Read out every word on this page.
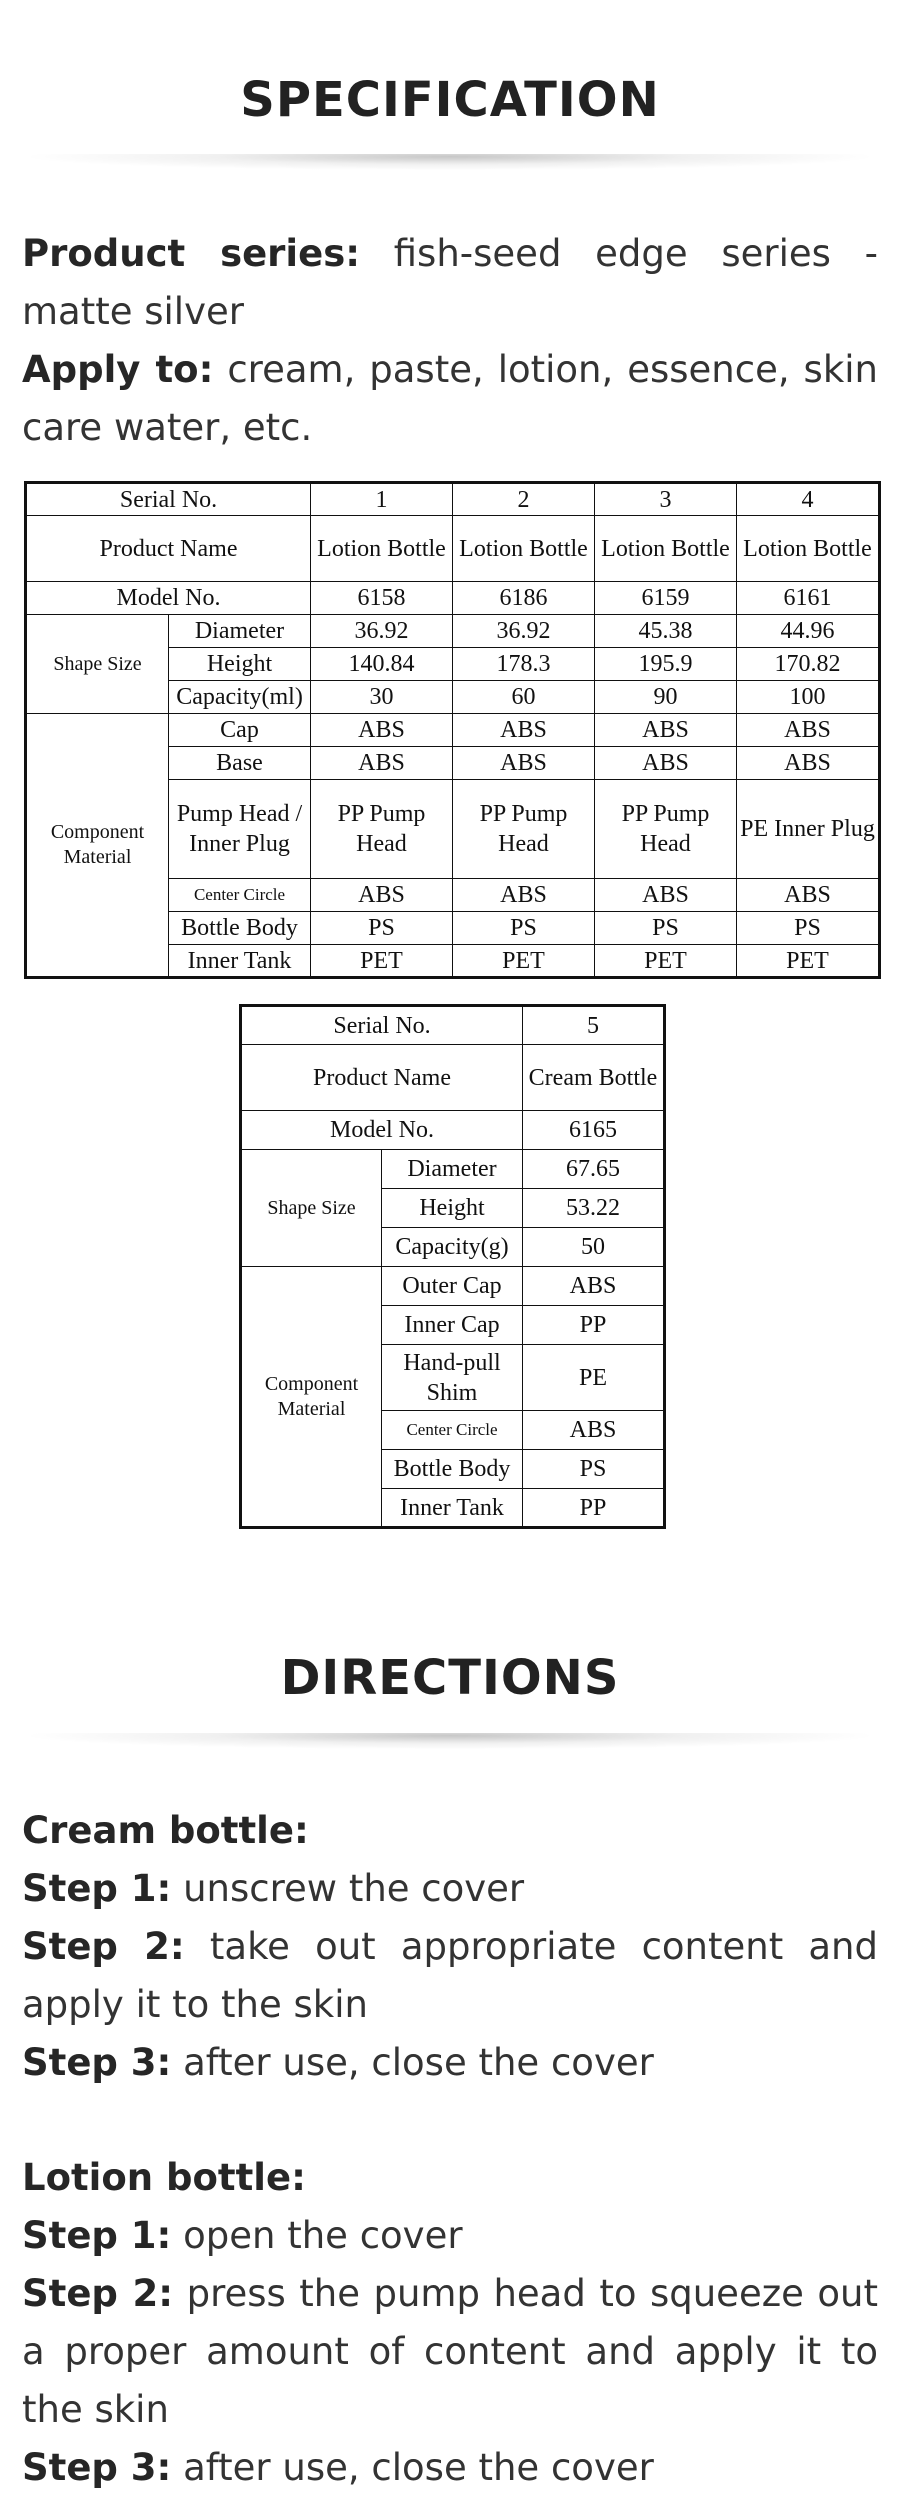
SPECIFICATION

Product series: fish-seed edge series - matte silver

Apply to: cream, paste, lotion, essence, skin care water, etc.

Serial No.		1	2	3	4
Product Name		Lotion Bottle	Lotion Bottle	Lotion Bottle	Lotion Bottle
Model No.		6158	6186	6159	6161
Shape Size	Diameter	36.92	36.92	45.38	44.96
	Height	140.84	178.3	195.9	170.82
	Capacity(ml)	30	60	90	100
Component Material	Cap	ABS	ABS	ABS	ABS
	Base	ABS	ABS	ABS	ABS
	Pump Head / Inner Plug	PP Pump Head	PP Pump Head	PP Pump Head	PE Inner Plug
	Center Circle	ABS	ABS	ABS	ABS
	Bottle Body	PS	PS	PS	PS
	Inner Tank	PET	PET	PET	PET
Serial No.		5
Product Name		Cream Bottle
Model No.		6165
Shape Size	Diameter	67.65
	Height	53.22
	Capacity(g)	50
Component Material	Outer Cap	ABS
	Inner Cap	PP
	Hand-pull Shim	PE
	Center Circle	ABS
	Bottle Body	PS
	Inner Tank	PP
DIRECTIONS
Cream bottle:
Step 1: unscrew the cover
Step 2: take out appropriate content and apply it to the skin
Step 3: after use, close the cover
Lotion bottle:
Step 1: open the cover
Step 2: press the pump head to squeeze out a proper amount of content and apply it to the skin
Step 3: after use, close the cover
